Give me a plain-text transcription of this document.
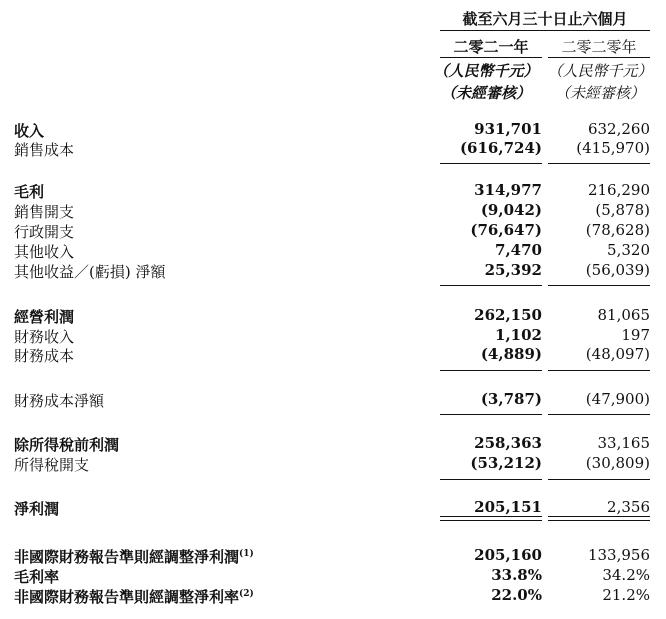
截至六月三十日止六個月
二零二一年	二零二零年
（人民幣千元） （人民幣千元）
（未經審核）	（未經審核）
收入	931,701	632,260
銷售成本	(616,724)	(415,970)
毛利	314,977	216,290
銷售開支	(9,042)	(5,878)
行政開支	(76,647)	(78,628)
其他收入	7,470	5,320
其他收益／(虧損) 淨額	25,392	(56,039)
經營利潤	262,150	81,065
財務收入	1,102	197
財務成本	(4,889)	(48,097)
財務成本淨額	(3,787)	(47,900)
除所得稅前利潤	258,363	33,165
所得稅開支	(53,212)	(30,809)
淨利潤	205,151	2,356
非國際財務報告準則經調整淨利潤$^{(1)}$	205,160	133,956
毛利率	33.8%	34.2%
非國際財務報告準則經調整淨利率$^{(2)}$	22.0%	21.2%
